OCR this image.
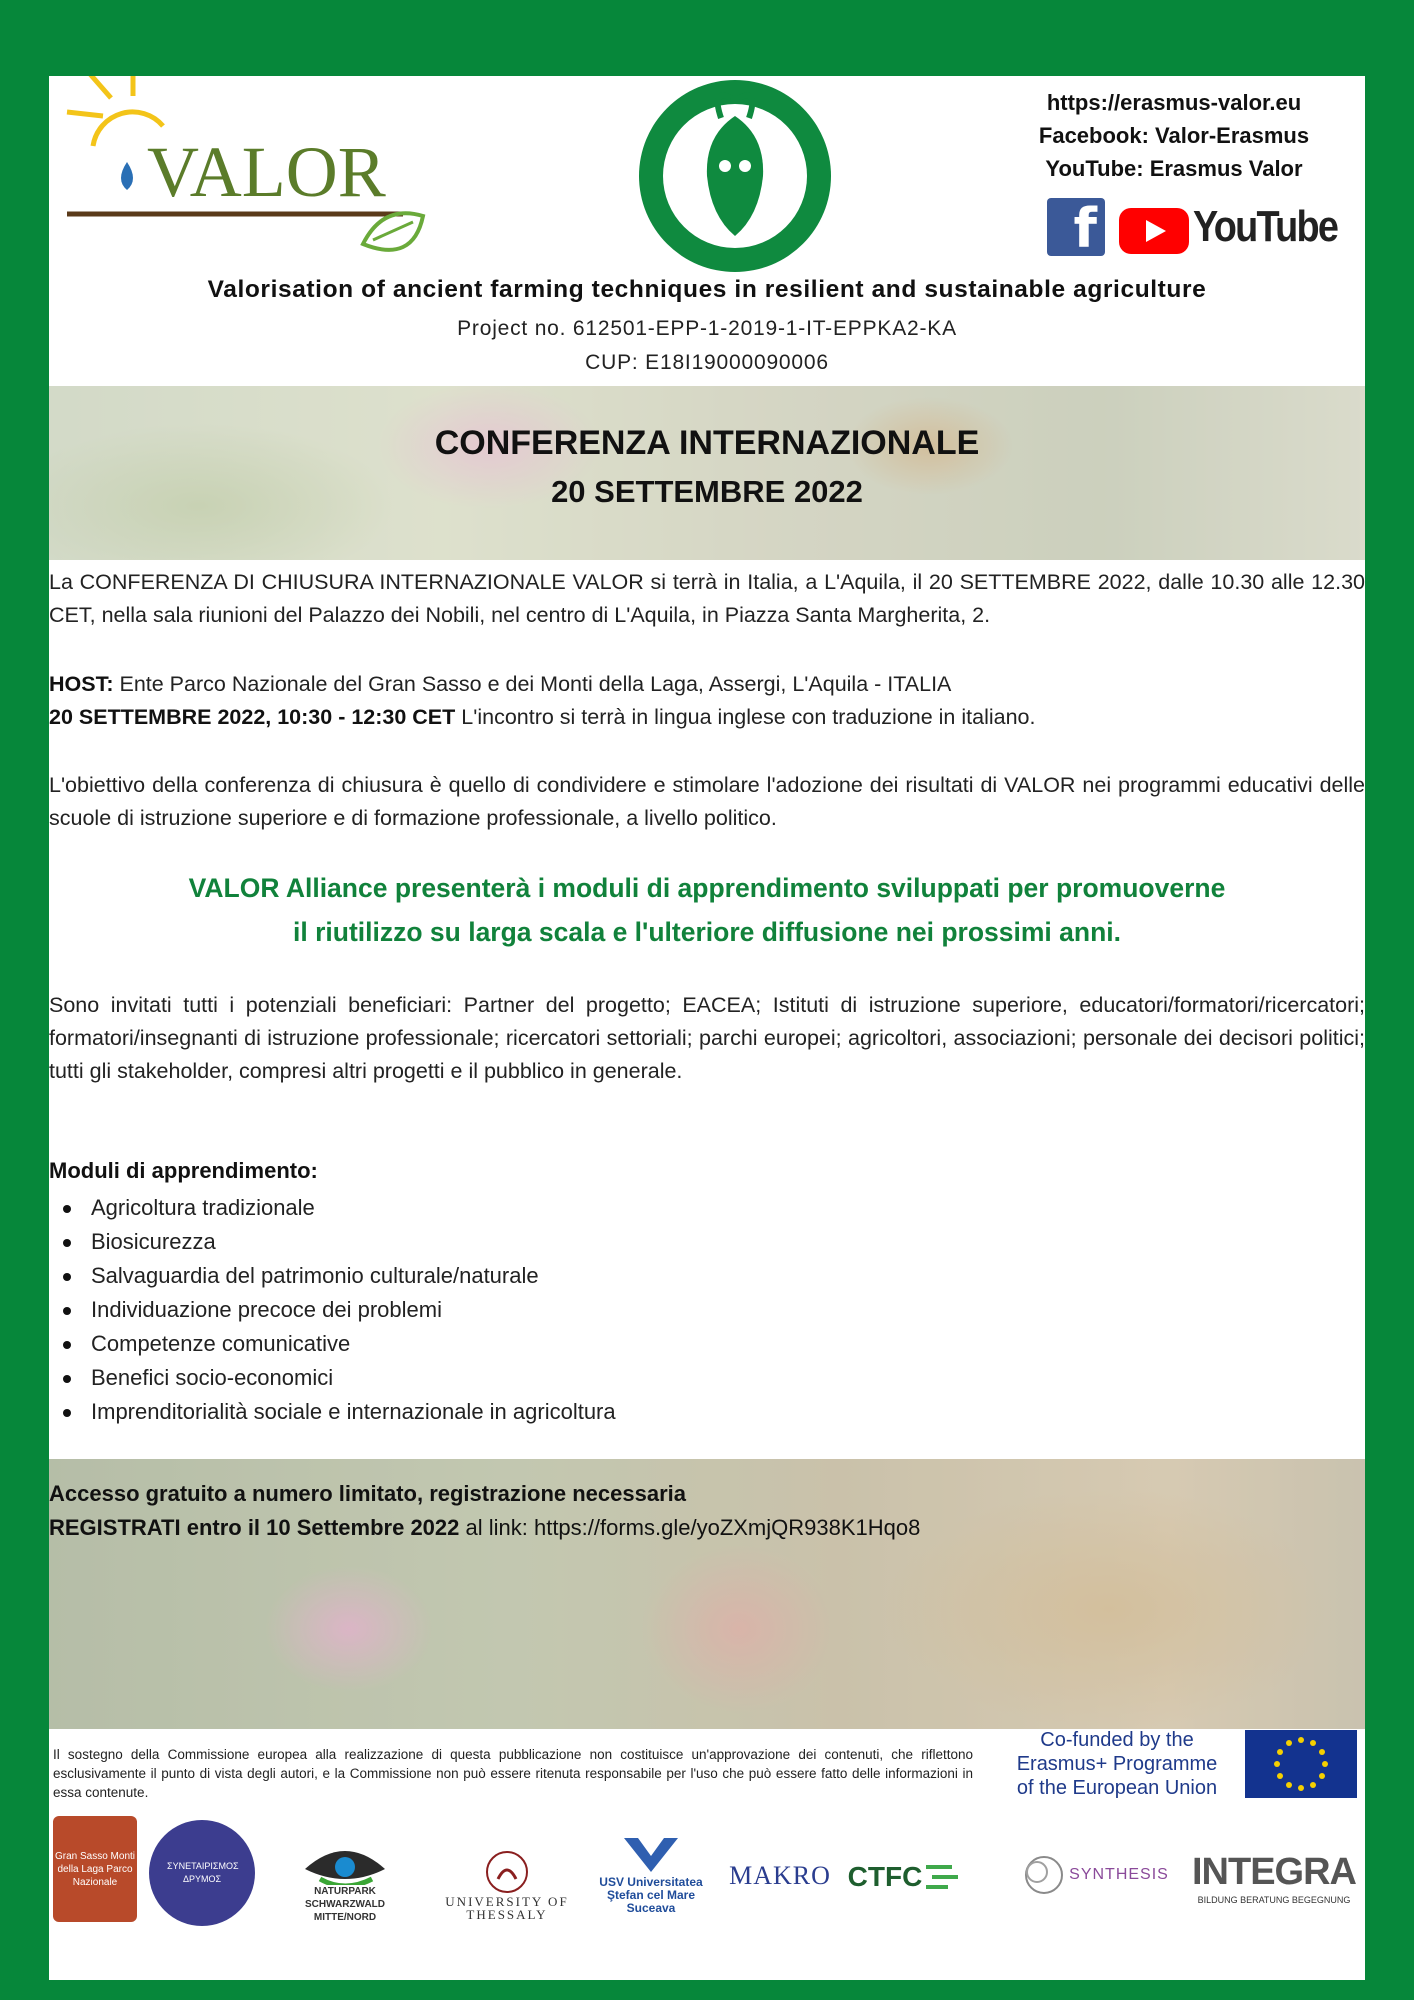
VALOR
https://erasmus-valor.eu
Facebook: Valor-Erasmus
YouTube: Erasmus Valor
f YouTube
Valorisation of ancient farming techniques in resilient and sustainable agriculture
Project no. 612501-EPP-1-2019-1-IT-EPPKA2-KA
CUP: E18I19000090006
CONFERENZA INTERNAZIONALE
20 SETTEMBRE 2022
La CONFERENZA DI CHIUSURA INTERNAZIONALE VALOR si terrà in Italia, a L'Aquila, il 20 SETTEMBRE 2022, dalle 10.30 alle 12.30 CET, nella sala riunioni del Palazzo dei Nobili, nel centro di L'Aquila, in Piazza Santa Margherita, 2.
HOST: Ente Parco Nazionale del Gran Sasso e dei Monti della Laga, Assergi, L'Aquila - ITALIA
20 SETTEMBRE 2022, 10:30 - 12:30 CET L'incontro si terrà in lingua inglese con traduzione in italiano.
L'obiettivo della conferenza di chiusura è quello di condividere e stimolare l'adozione dei risultati di VALOR nei programmi educativi delle scuole di istruzione superiore e di formazione professionale, a livello politico.
VALOR Alliance presenterà i moduli di apprendimento sviluppati per promuoverne
il riutilizzo su larga scala e l'ulteriore diffusione nei prossimi anni.
Sono invitati tutti i potenziali beneficiari: Partner del progetto; EACEA; Istituti di istruzione superiore, educatori/formatori/ricercatori; formatori/insegnanti di istruzione professionale; ricercatori settoriali; parchi europei; agricoltori, associazioni; personale dei decisori politici; tutti gli stakeholder, compresi altri progetti e il pubblico in generale.
Moduli di apprendimento:
Agricoltura tradizionale
Biosicurezza
Salvaguardia del patrimonio culturale/naturale
Individuazione precoce dei problemi
Competenze comunicative
Benefici socio-economici
Imprenditorialità sociale e internazionale in agricoltura
Accesso gratuito a numero limitato, registrazione necessaria
REGISTRATI entro il 10 Settembre 2022 al link: https://forms.gle/yoZXmjQR938K1Hqo8
Il sostegno della Commissione europea alla realizzazione di questa pubblicazione non costituisce un'approvazione dei contenuti, che riflettono esclusivamente il punto di vista degli autori, e la Commissione non può essere ritenuta responsabile per l'uso che può essere fatto delle informazioni in essa contenute.
Co-funded by the
Erasmus+ Programme
of the European Union
Gran Sasso Monti della Laga Parco Nazionale
ΣΥΝΕΤΑΙΡΙΣΜΟΣ ΔΡΥΜΟΣ
NATURPARK SCHWARZWALD MITTE/NORD
UNIVERSITY OF THESSALY
USV Universitatea Ştefan cel Mare Suceava
MAKRO CTFC	SYNTHESIS INTEGRA
BILDUNG BERATUNG BEGEGNUNG
